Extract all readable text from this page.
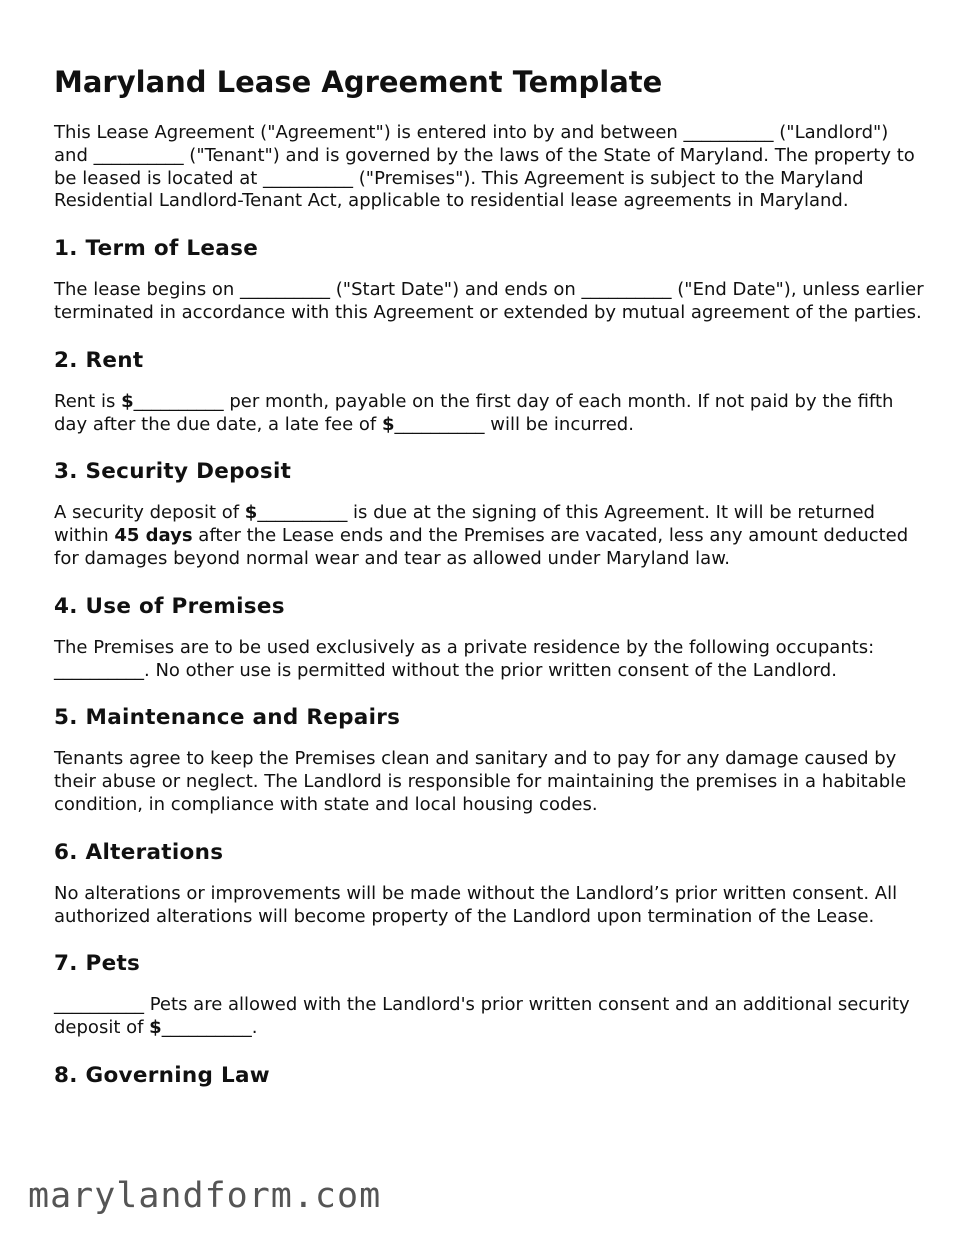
Maryland Lease Agreement Template

This Lease Agreement ("Agreement") is entered into by and between __________ ("Landlord") and __________ ("Tenant") and is governed by the laws of the State of Maryland. The property to be leased is located at __________ ("Premises"). This Agreement is subject to the Maryland Residential Landlord-Tenant Act, applicable to residential lease agreements in Maryland.

1. Term of Lease

The lease begins on __________ ("Start Date") and ends on __________ ("End Date"), unless earlier terminated in accordance with this Agreement or extended by mutual agreement of the parties.

2. Rent

Rent is $__________ per month, payable on the first day of each month. If not paid by the fifth day after the due date, a late fee of $__________ will be incurred.

3. Security Deposit

A security deposit of $__________ is due at the signing of this Agreement. It will be returned within 45 days after the Lease ends and the Premises are vacated, less any amount deducted for damages beyond normal wear and tear as allowed under Maryland law.

4. Use of Premises

The Premises are to be used exclusively as a private residence by the following occupants: __________. No other use is permitted without the prior written consent of the Landlord.

5. Maintenance and Repairs

Tenants agree to keep the Premises clean and sanitary and to pay for any damage caused by their abuse or neglect. The Landlord is responsible for maintaining the premises in a habitable condition, in compliance with state and local housing codes.

6. Alterations

No alterations or improvements will be made without the Landlord’s prior written consent. All authorized alterations will become property of the Landlord upon termination of the Lease.

7. Pets

__________ Pets are allowed with the Landlord's prior written consent and an additional security deposit of $__________.

8. Governing Law
marylandform.com
